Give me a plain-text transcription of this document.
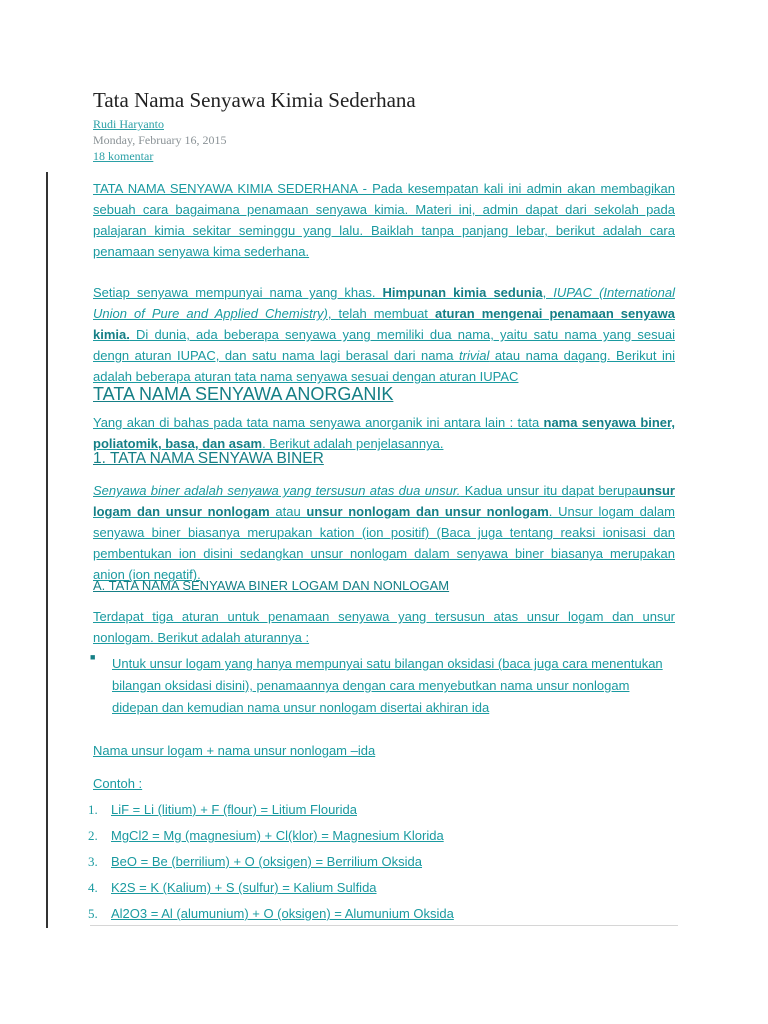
Tata Nama Senyawa Kimia Sederhana
Rudi Haryanto
Monday, February 16, 2015
18 komentar
TATA NAMA SENYAWA KIMIA SEDERHANA - Pada kesempatan kali ini admin akan membagikan sebuah cara bagaimana penamaan senyawa kimia. Materi ini, admin dapat dari sekolah pada palajaran kimia sekitar seminggu yang lalu. Baiklah tanpa panjang lebar, berikut adalah cara penamaan senyawa kima sederhana.
Setiap senyawa mempunyai nama yang khas. Himpunan kimia sedunia, IUPAC (International Union of Pure and Applied Chemistry), telah membuat aturan mengenai penamaan senyawa kimia. Di dunia, ada beberapa senyawa yang memiliki dua nama, yaitu satu nama yang sesuai dengn aturan IUPAC, dan satu nama lagi berasal dari nama trivial atau nama dagang. Berikut ini adalah beberapa aturan tata nama senyawa sesuai dengan aturan IUPAC
TATA NAMA SENYAWA ANORGANIK
Yang akan di bahas pada tata nama senyawa anorganik ini antara lain : tata nama senyawa biner, poliatomik, basa, dan asam. Berikut adalah penjelasannya.
1. TATA NAMA SENYAWA BINER
Senyawa biner adalah senyawa yang tersusun atas dua unsur. Kadua unsur itu dapat berupaunsur logam dan unsur nonlogam atau unsur nonlogam dan unsur nonlogam. Unsur logam dalam senyawa biner biasanya merupakan kation (ion positif) (Baca juga tentang reaksi ionisasi dan pembentukan ion disini sedangkan unsur nonlogam dalam senyawa biner biasanya merupakan anion (ion negatif).
A. TATA NAMA SENYAWA BINER LOGAM DAN NONLOGAM
Terdapat tiga aturan untuk penamaan senyawa yang tersusun atas unsur logam dan unsur nonlogam. Berikut adalah aturannya :
■ Untuk unsur logam yang hanya mempunyai satu bilangan oksidasi (baca juga cara menentukan bilangan oksidasi disini), penamaannya dengan cara menyebutkan nama unsur nonlogam didepan dan kemudian nama unsur nonlogam disertai akhiran ida
Nama unsur logam + nama unsur nonlogam –ida
Contoh :
1. LiF = Li (litium) + F (flour) = Litium Flourida
2. MgCl2 = Mg (magnesium) + Cl(klor) = Magnesium Klorida
3. BeO = Be (berrilium) + O (oksigen) = Berrilium Oksida
4. K2S = K (Kalium) + S (sulfur) = Kalium Sulfida
5. Al2O3 = Al (alumunium) + O (oksigen) = Alumunium Oksida
